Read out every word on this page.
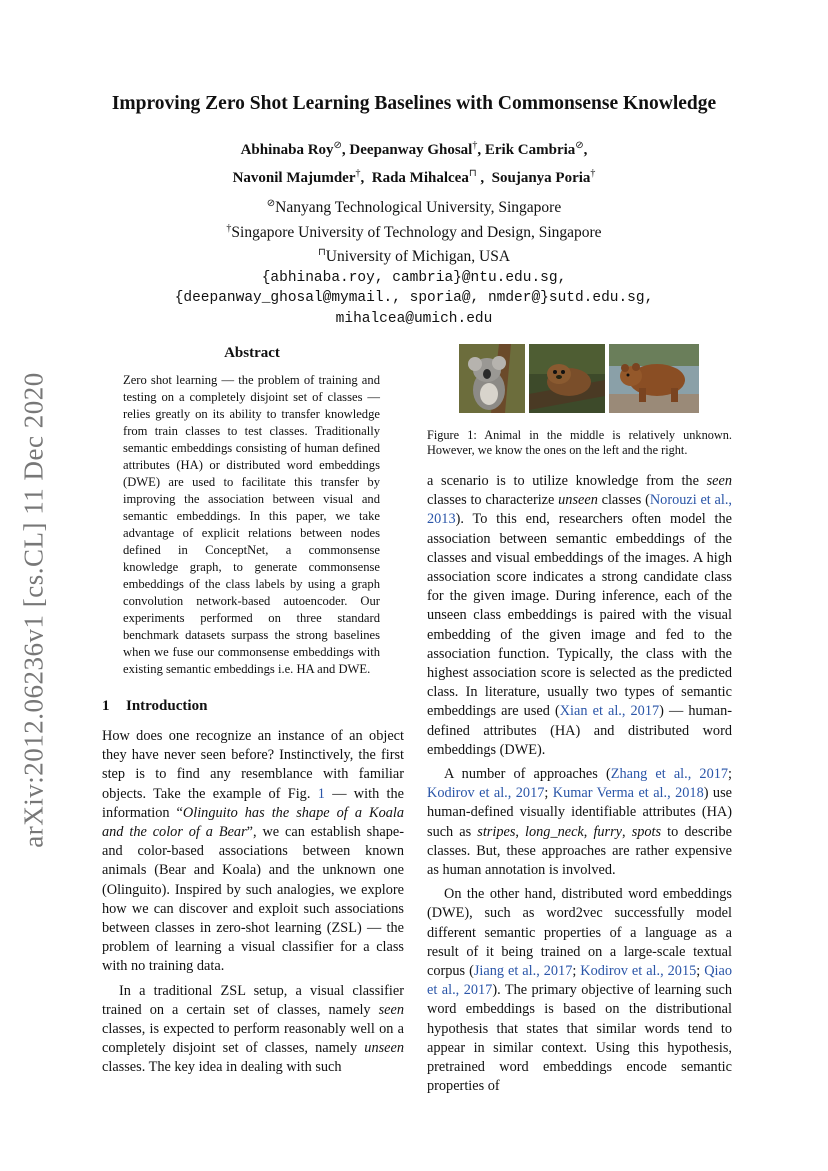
arXiv:2012.06236v1 [cs.CL] 11 Dec 2020
Improving Zero Shot Learning Baselines with Commonsense Knowledge
Abhinaba Roy⊘, Deepanway Ghosal†, Erik Cambria⊘,
Navonil Majumder†,  Rada Mihalcea⊓ ,  Soujanya Poria†
⊘Nanyang Technological University, Singapore
†Singapore University of Technology and Design, Singapore
⊓University of Michigan, USA
{abhinaba.roy, cambria}@ntu.edu.sg,
{deepanway_ghosal@mymail., sporia@, nmder@}sutd.edu.sg,
mihalcea@umich.edu
Abstract
Zero shot learning — the problem of training and testing on a completely disjoint set of classes — relies greatly on its ability to transfer knowledge from train classes to test classes. Traditionally semantic embeddings consisting of human defined attributes (HA) or distributed word embeddings (DWE) are used to facilitate this transfer by improving the association between visual and semantic embeddings. In this paper, we take advantage of explicit relations between nodes defined in ConceptNet, a commonsense knowledge graph, to generate commonsense embeddings of the class labels by using a graph convolution network-based autoencoder. Our experiments performed on three standard benchmark datasets surpass the strong baselines when we fuse our commonsense embeddings with existing semantic embeddings i.e. HA and DWE.
1 Introduction

How does one recognize an instance of an object they have never seen before? Instinctively, the first step is to find any resemblance with familiar objects. Take the example of Fig. 1 — with the information “Olinguito has the shape of a Koala and the color of a Bear”, we can establish shape- and color-based associations between known animals (Bear and Koala) and the unknown one (Olinguito). Inspired by such analogies, we explore how we can discover and exploit such associations between classes in zero-shot learning (ZSL) — the problem of learning a visual classifier for a class with no training data.

In a traditional ZSL setup, a visual classifier trained on a certain set of classes, namely seen classes, is expected to perform reasonably well on a completely disjoint set of classes, namely unseen classes. The key idea in dealing with such

Figure 1: Animal in the middle is relatively unknown. However, we know the ones on the left and the right.

a scenario is to utilize knowledge from the seen classes to characterize unseen classes (Norouzi et al., 2013). To this end, researchers often model the association between semantic embeddings of the classes and visual embeddings of the images. A high association score indicates a strong candidate class for the given image. During inference, each of the unseen class embeddings is paired with the visual embedding of the given image and fed to the association function. Typically, the class with the highest association score is selected as the predicted class. In literature, usually two types of semantic embeddings are used (Xian et al., 2017) — human-defined attributes (HA) and distributed word embeddings (DWE).

A number of approaches (Zhang et al., 2017; Kodirov et al., 2017; Kumar Verma et al., 2018) use human-defined visually identifiable attributes (HA) such as stripes, long_neck, furry, spots to describe classes. But, these approaches are rather expensive as human annotation is involved.

On the other hand, distributed word embeddings (DWE), such as word2vec successfully model different semantic properties of a language as a result of it being trained on a large-scale textual corpus (Jiang et al., 2017; Kodirov et al., 2015; Qiao et al., 2017). The primary objective of learning such word embeddings is based on the distributional hypothesis that states that similar words tend to appear in similar context. Using this hypothesis, pretrained word embeddings encode semantic properties of
